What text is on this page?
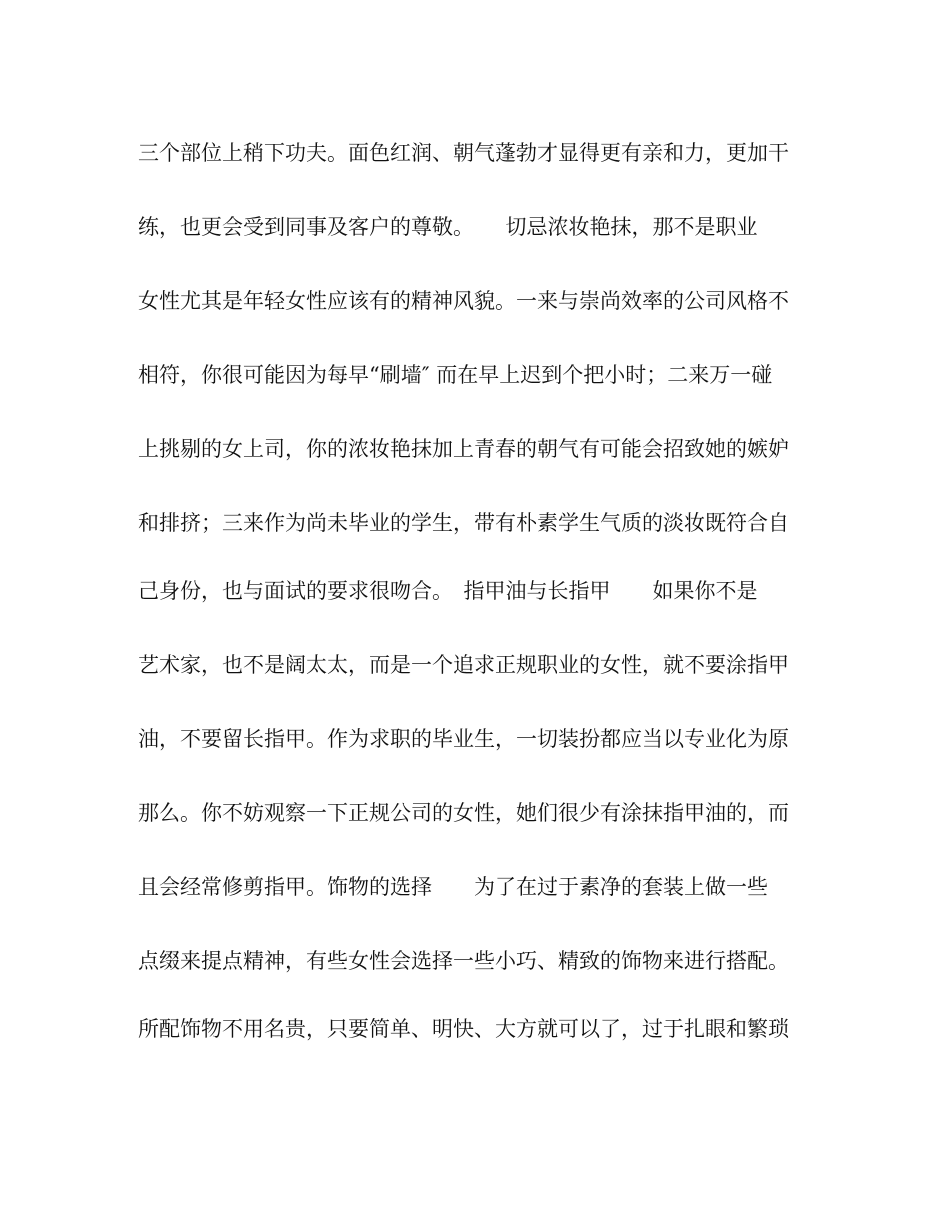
三个部位上稍下功夫。面色红润、朝气蓬勃才显得更有亲和力，更加干
练，也更会受到同事及客户的尊敬。　　切忌浓妆艳抹，那不是职业
女性尤其是年轻女性应该有的精神风貌。一来与崇尚效率的公司风格不
相符，你很可能因为每早“刷墙″ 而在早上迟到个把小时；二来万一碰
上挑剔的女上司，你的浓妆艳抹加上青春的朝气有可能会招致她的嫉妒
和排挤；三来作为尚未毕业的学生，带有朴素学生气质的淡妆既符合自
己身份，也与面试的要求很吻合。　指甲油与长指甲　　如果你不是
艺术家，也不是阔太太，而是一个追求正规职业的女性，就不要涂指甲
油，不要留长指甲。作为求职的毕业生，一切装扮都应当以专业化为原
那么。你不妨观察一下正规公司的女性，她们很少有涂抹指甲油的，而
且会经常修剪指甲。饰物的选择　　为了在过于素净的套装上做一些
点缀来提点精神，有些女性会选择一些小巧、精致的饰物来进行搭配。
所配饰物不用名贵，只要简单、明快、大方就可以了，过于扎眼和繁琐
